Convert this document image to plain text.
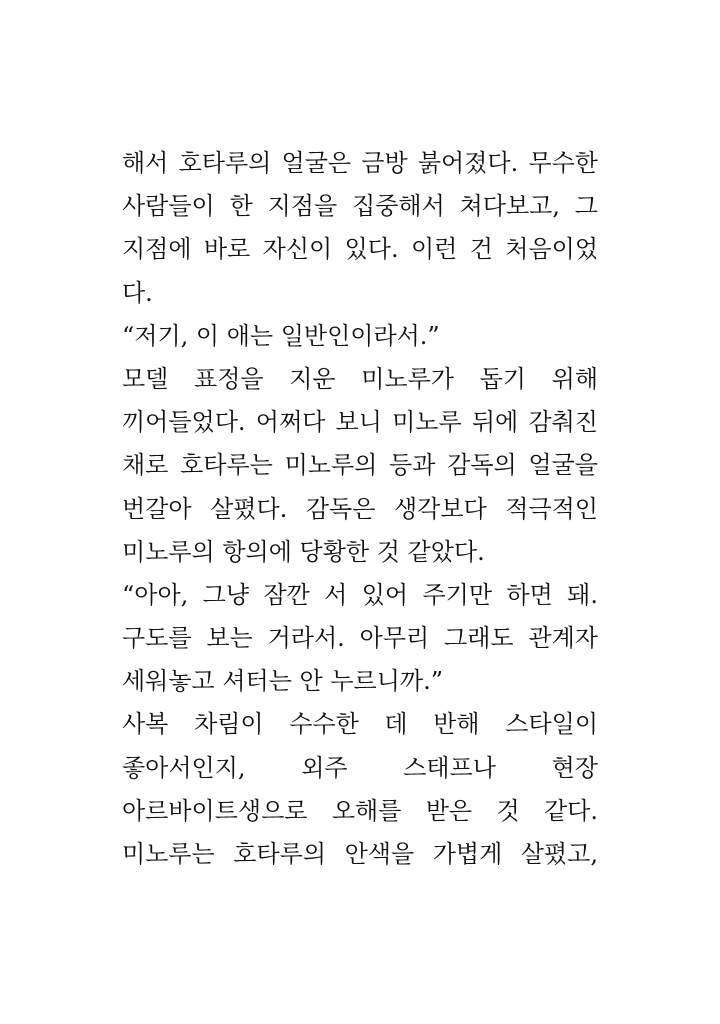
해서 호타루의 얼굴은 금방 붉어졌다. 무수한
사람들이 한 지점을 집중해서 쳐다보고, 그
지점에 바로 자신이 있다. 이런 건 처음이었
다.
“저기, 이 애는 일반인이라서.”
모델 표정을 지운 미노루가 돕기 위해
끼어들었다. 어쩌다 보니 미노루 뒤에 감춰진
채로 호타루는 미노루의 등과 감독의 얼굴을
번갈아 살폈다. 감독은 생각보다 적극적인
미노루의 항의에 당황한 것 같았다.
“아아, 그냥 잠깐 서 있어 주기만 하면 돼.
구도를 보는 거라서. 아무리 그래도 관계자
세워놓고 셔터는 안 누르니까.”
사복 차림이 수수한 데 반해 스타일이
좋아서인지, 외주 스태프나 현장
아르바이트생으로 오해를 받은 것 같다.
미노루는 호타루의 안색을 가볍게 살폈고,
